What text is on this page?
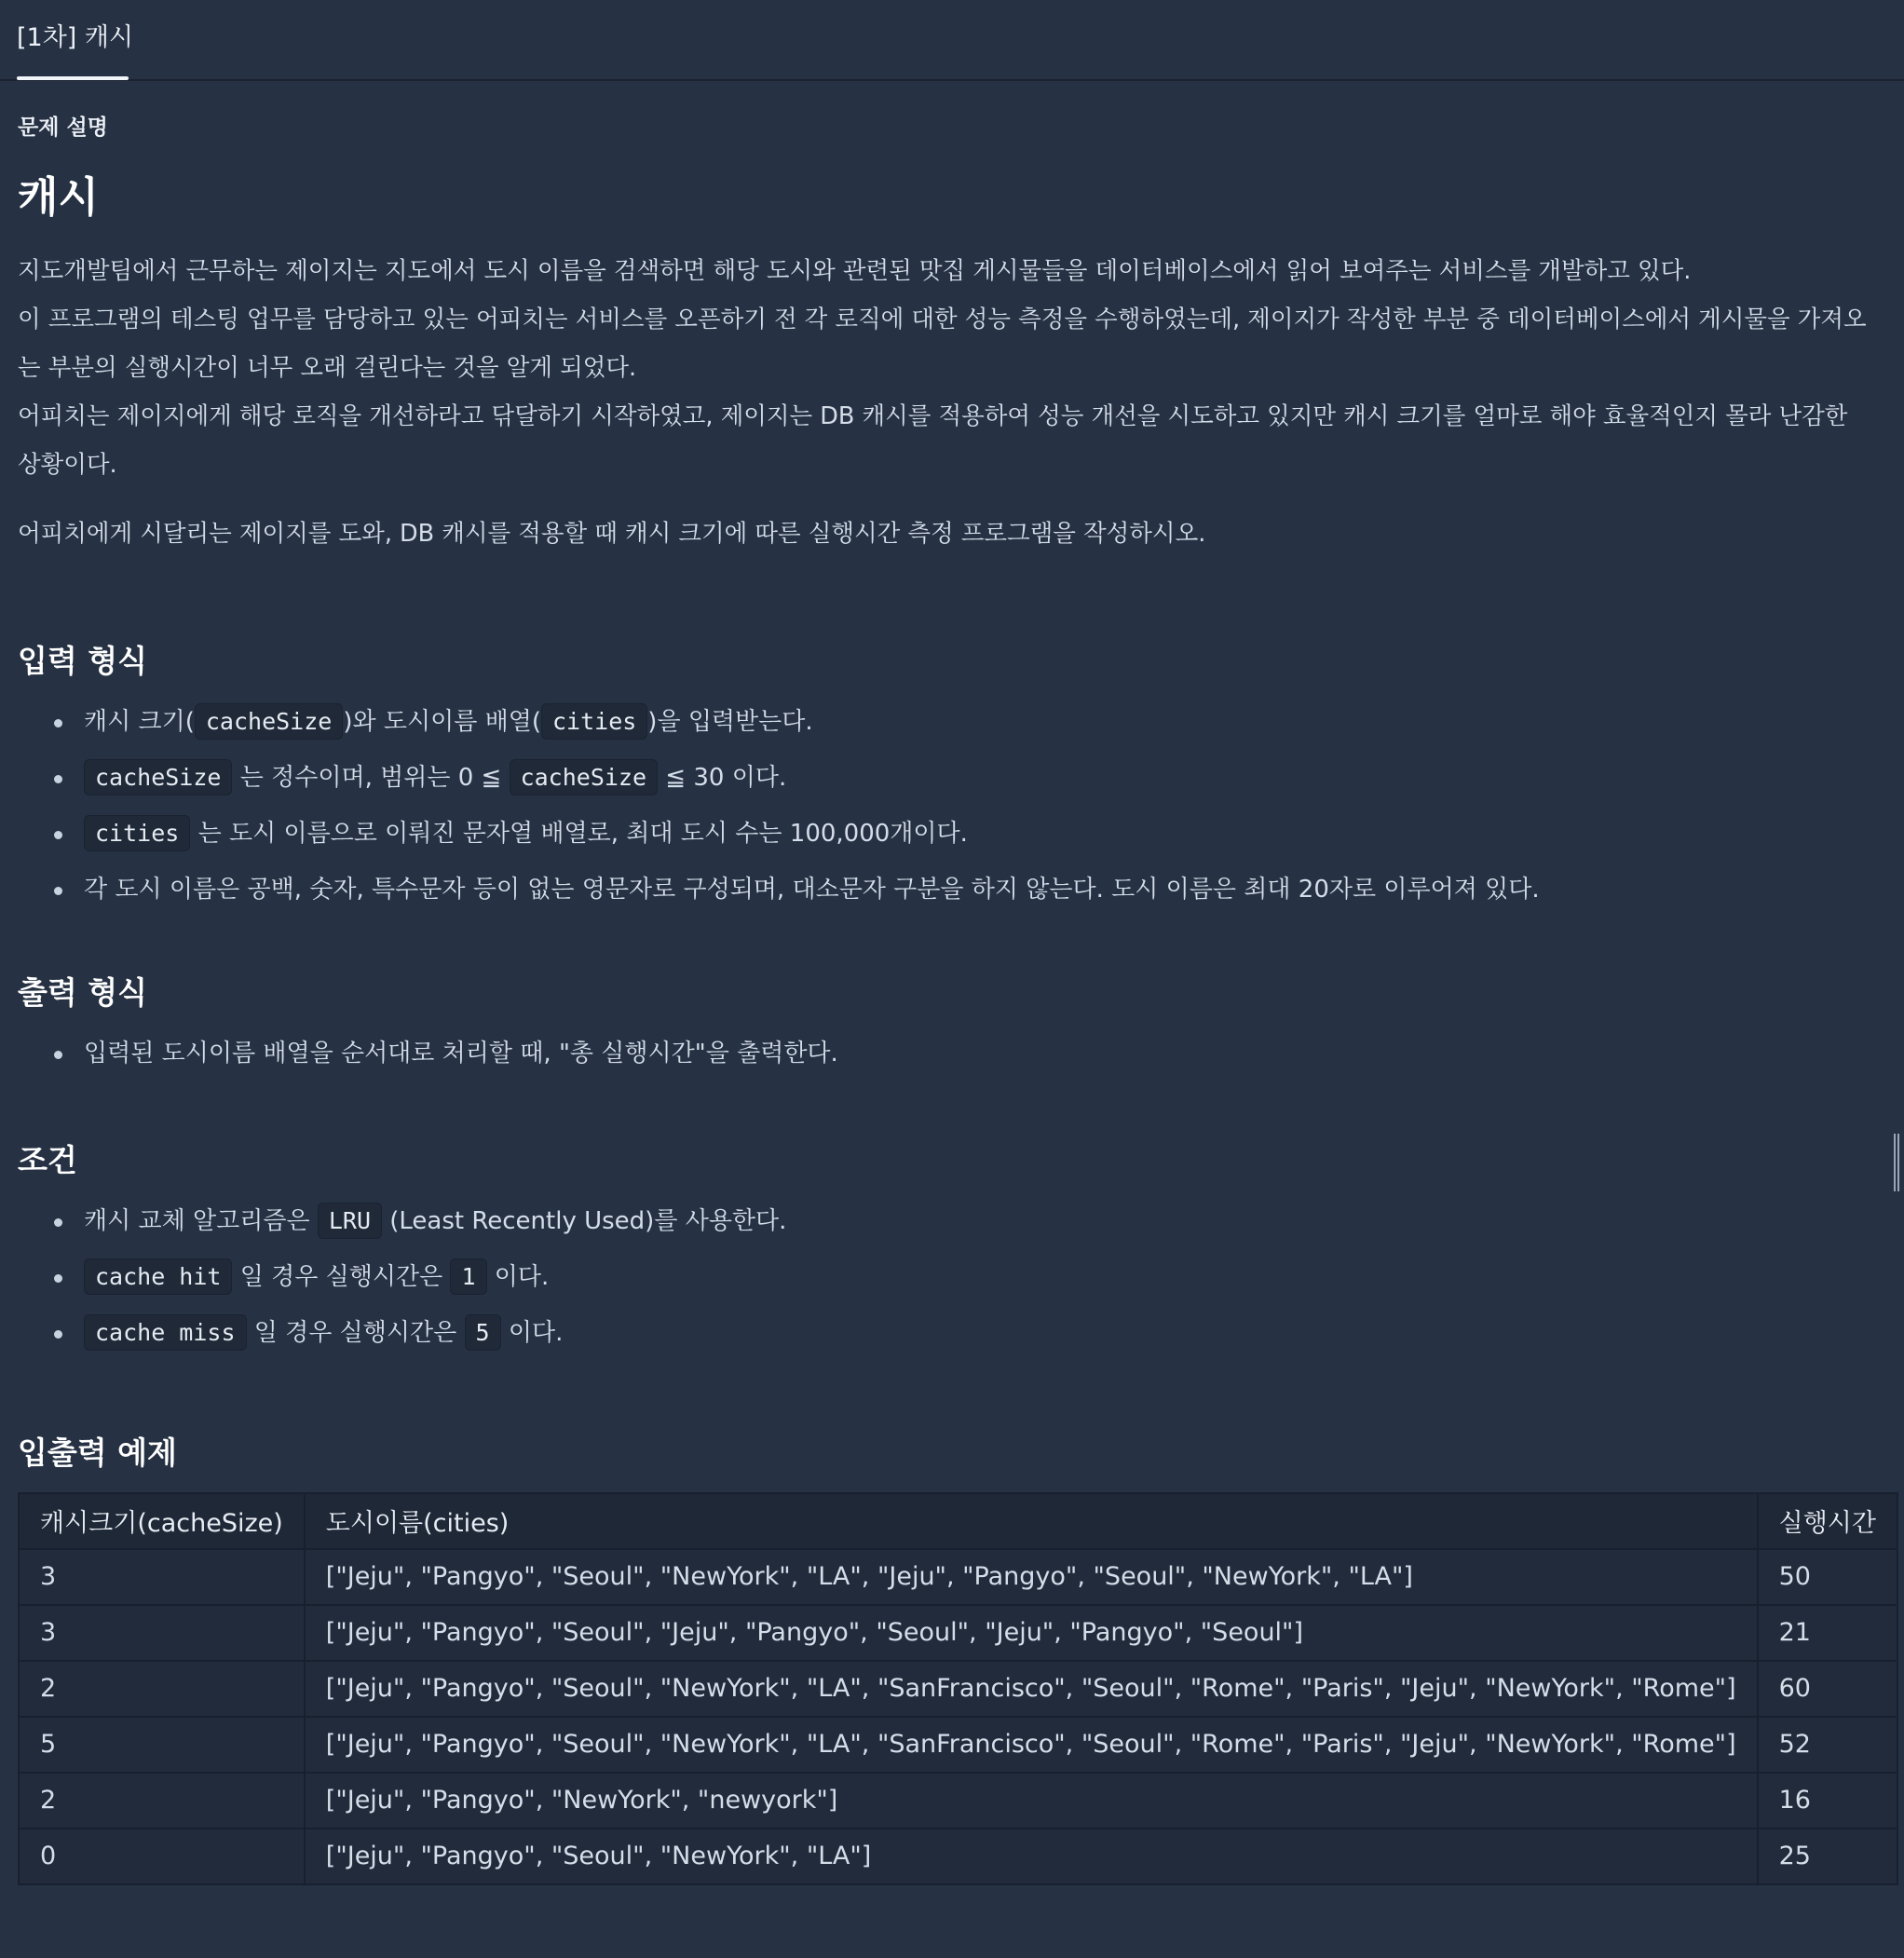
[1차] 캐시
문제 설명
캐시

지도개발팀에서 근무하는 제이지는 지도에서 도시 이름을 검색하면 해당 도시와 관련된 맛집 게시물들을 데이터베이스에서 읽어 보여주는 서비스를 개발하고 있다.

이 프로그램의 테스팅 업무를 담당하고 있는 어피치는 서비스를 오픈하기 전 각 로직에 대한 성능 측정을 수행하였는데, 제이지가 작성한 부분 중 데이터베이스에서 게시물을 가져오는 부분의 실행시간이 너무 오래 걸린다는 것을 알게 되었다.

어피치는 제이지에게 해당 로직을 개선하라고 닦달하기 시작하였고, 제이지는 DB 캐시를 적용하여 성능 개선을 시도하고 있지만 캐시 크기를 얼마로 해야 효율적인지 몰라 난감한 상황이다.

어피치에게 시달리는 제이지를 도와, DB 캐시를 적용할 때 캐시 크기에 따른 실행시간 측정 프로그램을 작성하시오.

입력 형식
캐시 크기( cacheSize )와 도시이름 배열( cities )을 입력받는다.
cacheSize 는 정수이며, 범위는 0 ≦ cacheSize ≦ 30 이다.
cities 는 도시 이름으로 이뤄진 문자열 배열로, 최대 도시 수는 100,000개이다.
각 도시 이름은 공백, 숫자, 특수문자 등이 없는 영문자로 구성되며, 대소문자 구분을 하지 않는다. 도시 이름은 최대 20자로 이루어져 있다.
출력 형식
입력된 도시이름 배열을 순서대로 처리할 때, "총 실행시간"을 출력한다.
조건
캐시 교체 알고리즘은 LRU (Least Recently Used)를 사용한다.
cache hit 일 경우 실행시간은 1 이다.
cache miss 일 경우 실행시간은 5 이다.
입출력 예제
캐시크기(cacheSize)	도시이름(cities)	실행시간
3	["Jeju", "Pangyo", "Seoul", "NewYork", "LA", "Jeju", "Pangyo", "Seoul", "NewYork", "LA"]	50
3	["Jeju", "Pangyo", "Seoul", "Jeju", "Pangyo", "Seoul", "Jeju", "Pangyo", "Seoul"]	21
2	["Jeju", "Pangyo", "Seoul", "NewYork", "LA", "SanFrancisco", "Seoul", "Rome", "Paris", "Jeju", "NewYork", "Rome"]	60
5	["Jeju", "Pangyo", "Seoul", "NewYork", "LA", "SanFrancisco", "Seoul", "Rome", "Paris", "Jeju", "NewYork", "Rome"]	52
2	["Jeju", "Pangyo", "NewYork", "newyork"]	16
0	["Jeju", "Pangyo", "Seoul", "NewYork", "LA"]	25
